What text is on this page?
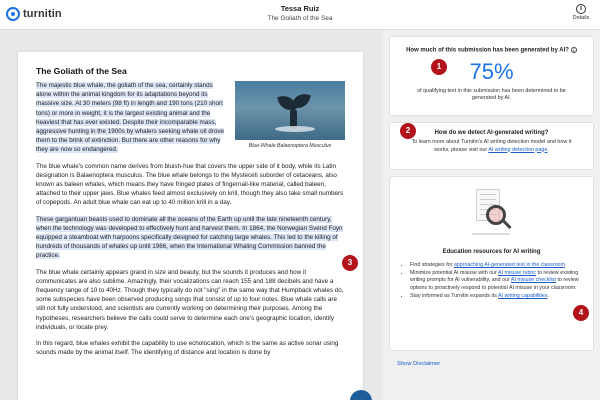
turnitin	Tessa Ruiz
The Goliath of the Sea
i
Details
The Goliath of the Sea
Blue-Whale Balaenoptera Musculus

The majestic blue whale, the goliath of the sea, certainly stands alone within the animal kingdom for its adaptations beyond its massive size. At 30 meters (98 ft) in length and 190 tons (210 short tons) or more in weight, it is the largest existing animal and the heaviest that has ever existed. Despite their incomparable mass, aggressive hunting in the 1900s by whalers seeking whale oil drove them to the brink of extinction. But there are other reasons for why they are now so endangered.

The blue whale's common name derives from bluish-hue that covers the upper side of it body, while its Latin designation is Balaenoptera musculus. The blue whale belongs to the Mysteceti suborder of cetaceans, also known as baleen whales, which means they have fringed plates of fingernail-like material, called baleen, attached to their upper jaws. Blue whales feed almost exclusively on krill, though they also take small numbers of copepods. An adult blue whale can eat up to 40 million krill in a day.

These gargantuan beasts used to dominate all the oceans of the Earth up until the late nineteenth century, when the technology was developed to effectively hunt and harvest them. In 1864, the Norwegian Svend Foyn equipped a steamboat with harpoons specifically designed for catching large whales. This led to the killing of hundreds of thousands of whales up until 1966, when the International Whaling Commission banned the practice.

The blue whale certainly appears grand in size and beauty, but the sounds it produces and how it communicates are also sublime. Amazingly, their vocalizations can reach 155 and 188 decibels and have a frequency range of 10 to 40Hz. Though they typically do not "sing" in the same way that Humpback whales do, some subspecies have been observed producing songs that consist of up to four notes. Blue whale calls are still not fully understood, and scientists are currently working on determining their purposes. Among the hypotheses, researchers believe the calls could serve to determine each one's geographic location, identify individuals, or locate prey.

In this regard, blue whales exhibit the capability to use echolocation, which is the same as active sonar using sounds made by the animal itself. The identifying of distance and location is done by

How much of this submission has been generated by AI? i
75%
of qualifying text in this submission has been determined to be generated by AI.
How do we detect AI-generated writing?
To learn more about Turnitin's AI writing detection model and how it works, please visit our AI writing detection page.
Education resources for AI writing
• Find strategies for approaching AI-generated text in the classroom.
• Minimize potential AI misuse with our AI misuse rubric to review existing writing prompts for AI vulnerability, and our AI misuse checklist to review options to proactively respond to potential AI misuse in your classroom.
• Stay informed as Turnitin expands its AI writing capabilities.
Show Disclaimer
1
2
3
4
